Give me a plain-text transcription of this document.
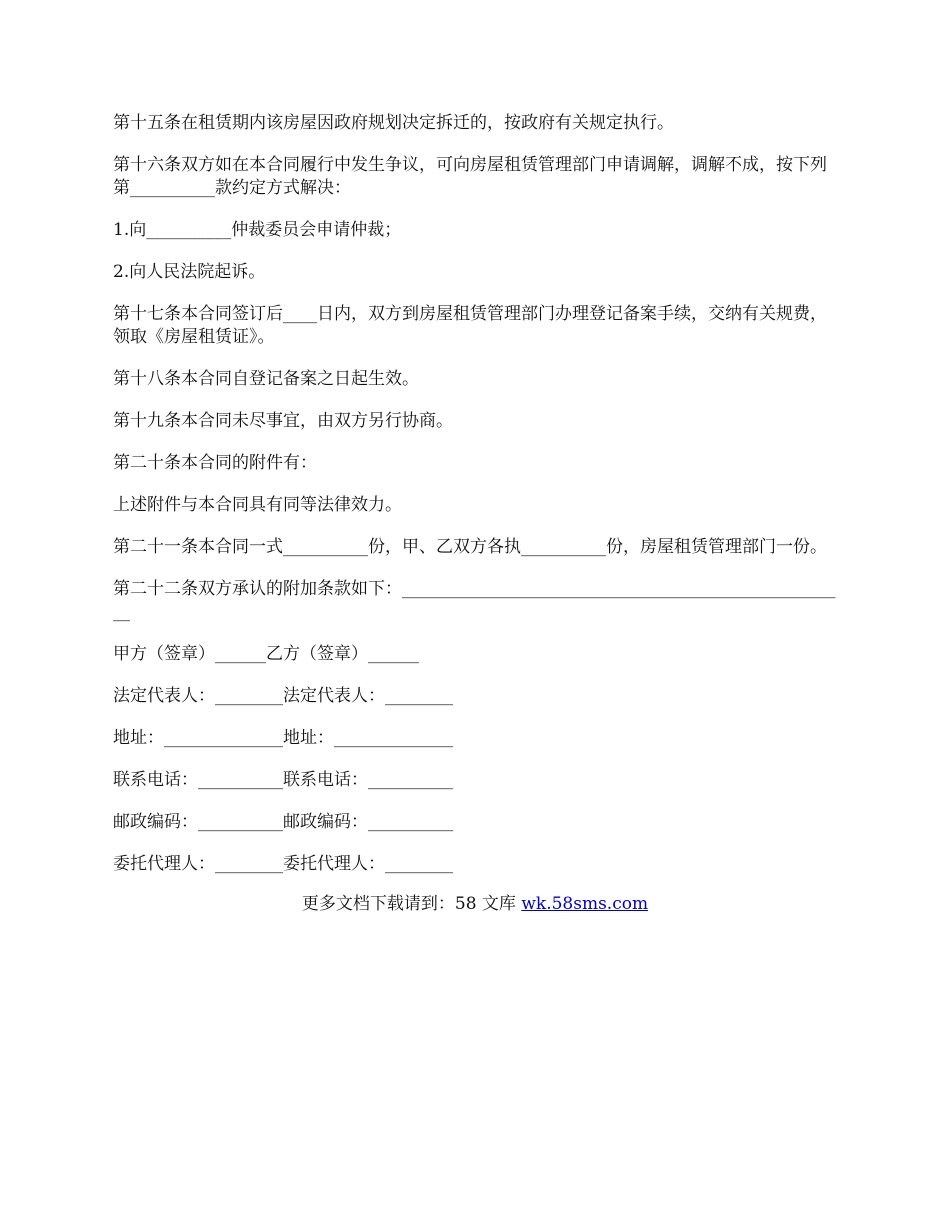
第十五条在租赁期内该房屋因政府规划决定拆迁的，按政府有关规定执行。

第十六条双方如在本合同履行中发生争议，可向房屋租赁管理部门申请调解，调解不成，按下列第__________款约定方式解决：

1.向__________仲裁委员会申请仲裁；

2.向人民法院起诉。

第十七条本合同签订后____日内，双方到房屋租赁管理部门办理登记备案手续，交纳有关规费，领取《房屋租赁证》。

第十八条本合同自登记备案之日起生效。

第十九条本合同未尽事宜，由双方另行协商。

第二十条本合同的附件有：

上述附件与本合同具有同等法律效力。

第二十一条本合同一式__________份，甲、乙双方各执__________份，房屋租赁管理部门一份。

第二十二条双方承认的附加条款如下：_____________________________________________________

甲方（签章）______乙方（签章）______

法定代表人：________法定代表人：________

地址：______________地址：______________

联系电话：__________联系电话：__________

邮政编码：__________邮政编码：__________

委托代理人：________委托代理人：________

更多文档下载请到：58 文库 wk.58sms.com
